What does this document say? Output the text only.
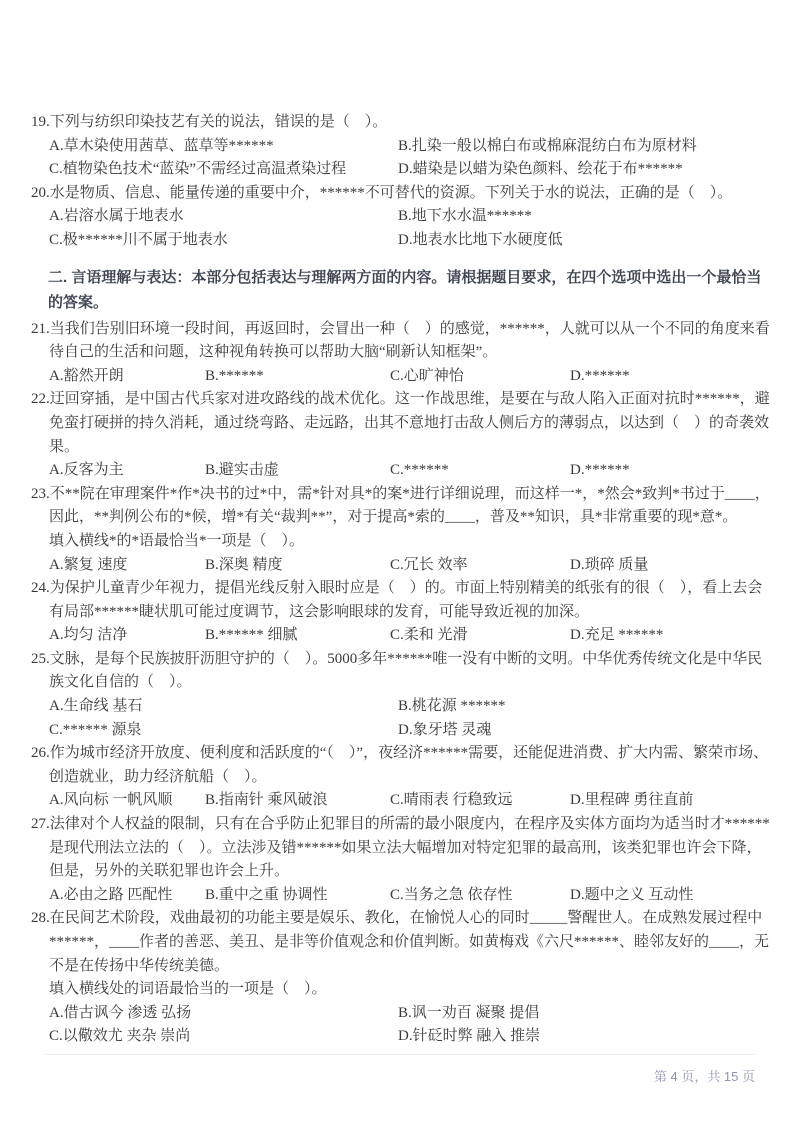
19.下列与纺织印染技艺有关的说法，错误的是（　）。

A.草木染使用茜草、蓝草等******	B.扎染一般以棉白布或棉麻混纺白布为原材料
C.植物染色技术“蓝染”不需经过高温煮染过程	D.蜡染是以蜡为染色颜料、绘花于布******

20.水是物质、信息、能量传递的重要中介，******不可替代的资源。下列关于水的说法，正确的是（　）。

A.岩溶水属于地表水	B.地下水水温******
C.极******川不属于地表水	D.地表水比地下水硬度低
二. 言语理解与表达：本部分包括表达与理解两方面的内容。请根据题目要求，在四个选项中选出一个最恰当的答案。

21.当我们告别旧环境一段时间，再返回时，会冒出一种（　）的感觉，******，人就可以从一个不同的角度来看待自己的生活和问题，这种视角转换可以帮助大脑“刷新认知框架”。

A.豁然开朗	B.******	C.心旷神怡	D.******

22.迂回穿插，是中国古代兵家对进攻路线的战术优化。这一作战思维，是要在与敌人陷入正面对抗时******，避免蛮打硬拼的持久消耗，通过绕弯路、走远路，出其不意地打击敌人侧后方的薄弱点，以达到（　）的奇袭效果。

A.反客为主	B.避实击虚	C.******	D.******

23.不**院在审理案件*作*决书的过*中，需*针对具*的案*进行详细说理，而这样一*，*然会*致判*书过于____，因此，**判例公布的*候，增*有关“裁判**”，对于提高*索的____，普及**知识，具*非常重要的现*意*。

填入横线*的*语最恰当*一项是（　）。

A.繁复 速度	B.深奥 精度	C.冗长 效率	D.琐碎 质量

24.为保护儿童青少年视力，提倡光线反射入眼时应是（　）的。市面上特别精美的纸张有的很（　），看上去会有局部******睫状肌可能过度调节，这会影响眼球的发育，可能导致近视的加深。

A.均匀 洁净	B.****** 细腻	C.柔和 光滑	D.充足 ******

25.文脉，是每个民族披肝沥胆守护的（　）。5000多年******唯一没有中断的文明。中华优秀传统文化是中华民族文化自信的（　）。

A.生命线 基石	B.桃花源 ******
C.****** 源泉	D.象牙塔 灵魂

26.作为城市经济开放度、便利度和活跃度的“（　）”，夜经济******需要，还能促进消费、扩大内需、繁荣市场、创造就业，助力经济航船（　）。

A.风向标 一帆风顺	B.指南针 乘风破浪	C.晴雨表 行稳致远	D.里程碑 勇往直前

27.法律对个人权益的限制，只有在合乎防止犯罪目的所需的最小限度内，在程序及实体方面均为适当时才******是现代刑法立法的（　）。立法涉及错******如果立法大幅增加对特定犯罪的最高刑，该类犯罪也许会下降，但是，另外的关联犯罪也许会上升。

A.必由之路 匹配性	B.重中之重 协调性	C.当务之急 依存性	D.题中之义 互动性

28.在民间艺术阶段，戏曲最初的功能主要是娱乐、教化，在愉悦人心的同时_____警醒世人。在成熟发展过程中******，____作者的善恶、美丑、是非等价值观念和价值判断。如黄梅戏《六尺******、睦邻友好的____，无不是在传扬中华传统美德。

填入横线处的词语最恰当的一项是（　）。

A.借古讽今 渗透 弘扬	B.讽一劝百 凝聚 提倡
C.以儆效尤 夹杂 崇尚	D.针砭时弊 融入 推崇
第 4 页，共 15 页
